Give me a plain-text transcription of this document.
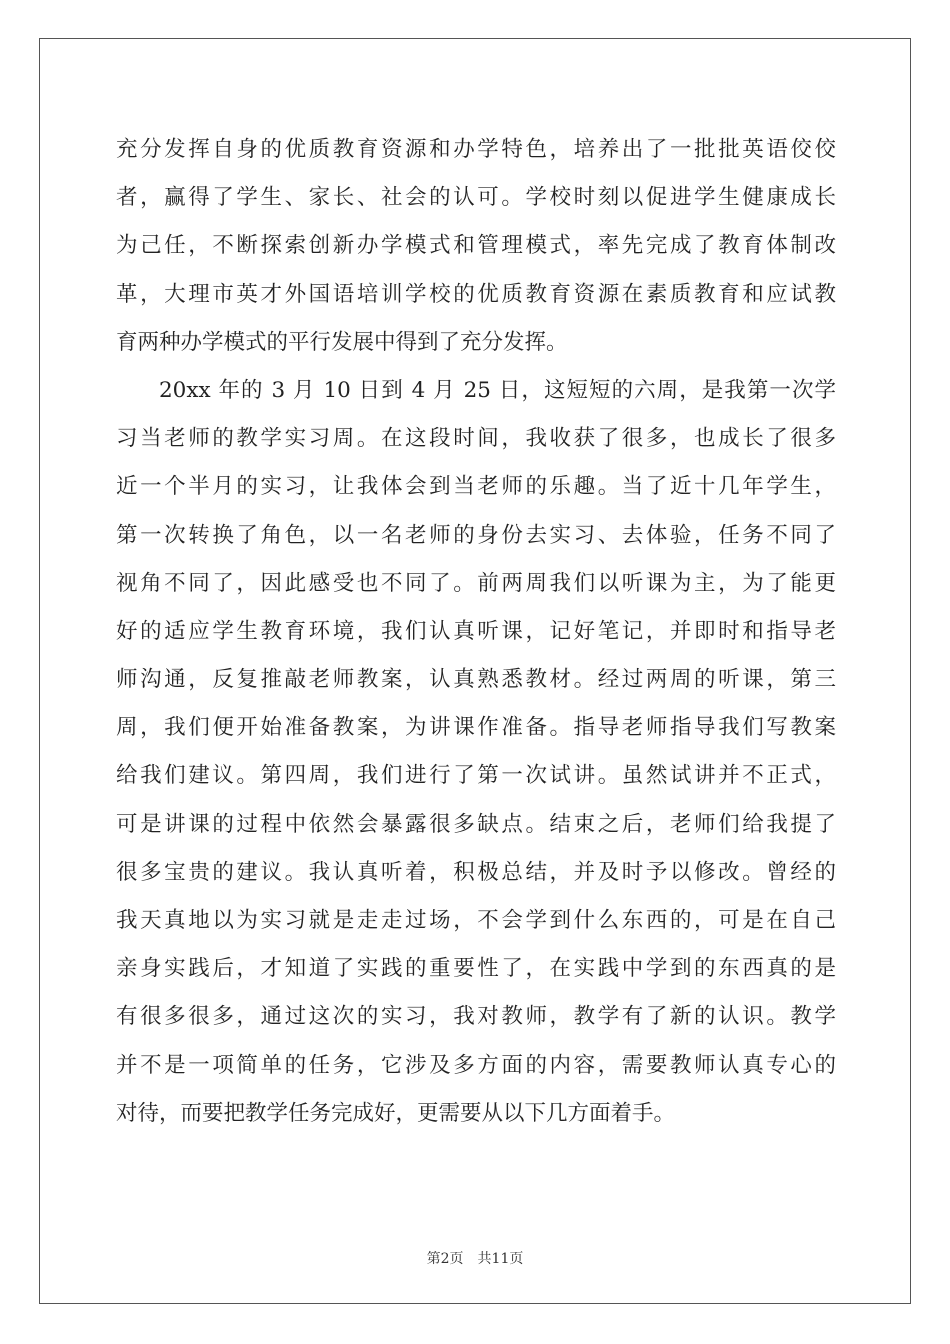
充分发挥自身的优质教育资源和办学特色，培养出了一批批英语佼佼
者，赢得了学生、家长、社会的认可。学校时刻以促进学生健康成长
为己任，不断探索创新办学模式和管理模式，率先完成了教育体制改
革，大理市英才外国语培训学校的优质教育资源在素质教育和应试教
育两种办学模式的平行发展中得到了充分发挥。
20xx 年的 3 月 10 日到 4 月 25 日，这短短的六周，是我第一次学
习当老师的教学实习周。在这段时间，我收获了很多，也成长了很多
近一个半月的实习，让我体会到当老师的乐趣。当了近十几年学生，
第一次转换了角色，以一名老师的身份去实习、去体验，任务不同了
视角不同了，因此感受也不同了。前两周我们以听课为主，为了能更
好的适应学生教育环境，我们认真听课，记好笔记，并即时和指导老
师沟通，反复推敲老师教案，认真熟悉教材。经过两周的听课，第三
周，我们便开始准备教案，为讲课作准备。指导老师指导我们写教案
给我们建议。第四周，我们进行了第一次试讲。虽然试讲并不正式，
可是讲课的过程中依然会暴露很多缺点。结束之后，老师们给我提了
很多宝贵的建议。我认真听着，积极总结，并及时予以修改。曾经的
我天真地以为实习就是走走过场，不会学到什么东西的，可是在自己
亲身实践后，才知道了实践的重要性了，在实践中学到的东西真的是
有很多很多，通过这次的实习，我对教师，教学有了新的认识。教学
并不是一项简单的任务，它涉及多方面的内容，需要教师认真专心的
对待，而要把教学任务完成好，更需要从以下几方面着手。
第2页 共11页
